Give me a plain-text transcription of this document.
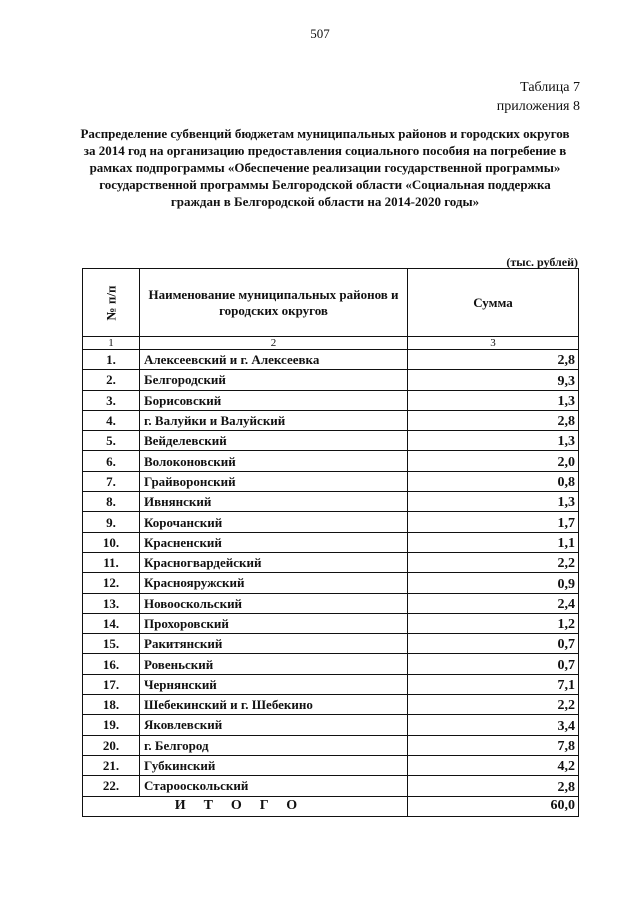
507
Таблица 7
приложения 8
Распределение субвенций бюджетам муниципальных районов и городских округов за 2014 год на организацию предоставления социального пособия на погребение в рамках подпрограммы «Обеспечение реализации государственной программы» государственной программы Белгородской области «Социальная поддержка граждан в Белгородской области на 2014-2020 годы»
(тыс. рублей)
№ п/п	Наименование муниципальных районов и городских округов	Сумма
1	2	3
1.	Алексеевский и г. Алексеевка	2,8
2.	Белгородский	9,3
3.	Борисовский	1,3
4.	г. Валуйки и Валуйский	2,8
5.	Вейделевский	1,3
6.	Волоконовский	2,0
7.	Грайворонский	0,8
8.	Ивнянский	1,3
9.	Корочанский	1,7
10.	Красненский	1,1
11.	Красногвардейский	2,2
12.	Краснояружский	0,9
13.	Новооскольский	2,4
14.	Прохоровский	1,2
15.	Ракитянский	0,7
16.	Ровеньский	0,7
17.	Чернянский	7,1
18.	Шебекинский и г. Шебекино	2,2
19.	Яковлевский	3,4
20.	г. Белгород	7,8
21.	Губкинский	4,2
22.	Старооскольский	2,8
ИТОГО		60,0
